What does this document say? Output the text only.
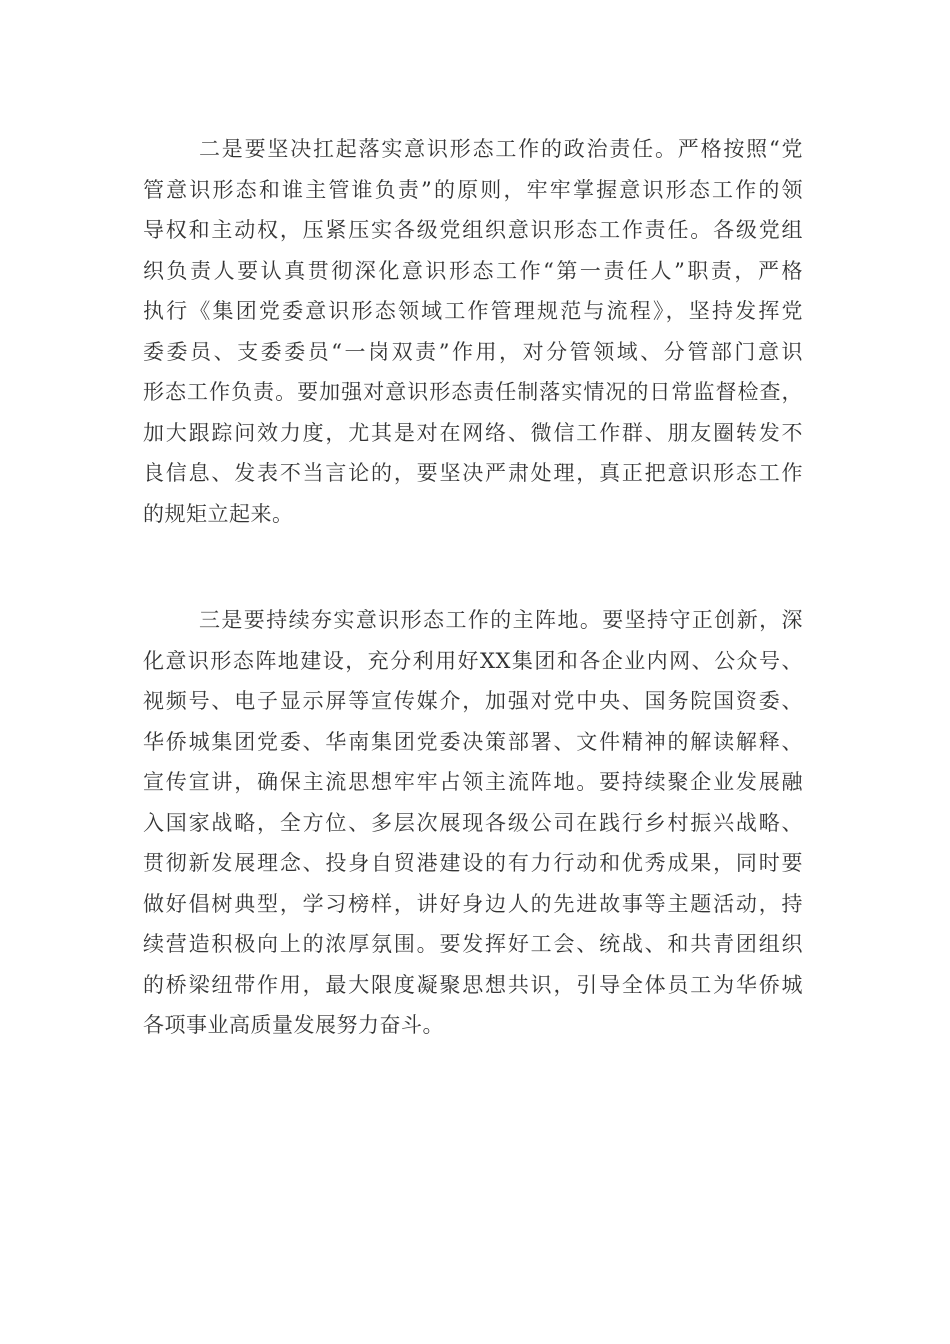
二是要坚决扛起落实意识形态工作的政治责任。严格按照“党
管意识形态和谁主管谁负责”的原则，牢牢掌握意识形态工作的领
导权和主动权，压紧压实各级党组织意识形态工作责任。各级党组
织负责人要认真贯彻深化意识形态工作“第一责任人”职责，严格
执行《集团党委意识形态领域工作管理规范与流程》，坚持发挥党
委委员、支委委员“一岗双责”作用，对分管领域、分管部门意识
形态工作负责。要加强对意识形态责任制落实情况的日常监督检查，
加大跟踪问效力度，尤其是对在网络、微信工作群、朋友圈转发不
良信息、发表不当言论的，要坚决严肃处理，真正把意识形态工作
的规矩立起来。
三是要持续夯实意识形态工作的主阵地。要坚持守正创新，深
化意识形态阵地建设，充分利用好XX集团和各企业内网、公众号、
视频号、电子显示屏等宣传媒介，加强对党中央、国务院国资委、
华侨城集团党委、华南集团党委决策部署、文件精神的解读解释、
宣传宣讲，确保主流思想牢牢占领主流阵地。要持续聚企业发展融
入国家战略，全方位、多层次展现各级公司在践行乡村振兴战略、
贯彻新发展理念、投身自贸港建设的有力行动和优秀成果，同时要
做好倡树典型，学习榜样，讲好身边人的先进故事等主题活动，持
续营造积极向上的浓厚氛围。要发挥好工会、统战、和共青团组织
的桥梁纽带作用，最大限度凝聚思想共识，引导全体员工为华侨城
各项事业高质量发展努力奋斗。
